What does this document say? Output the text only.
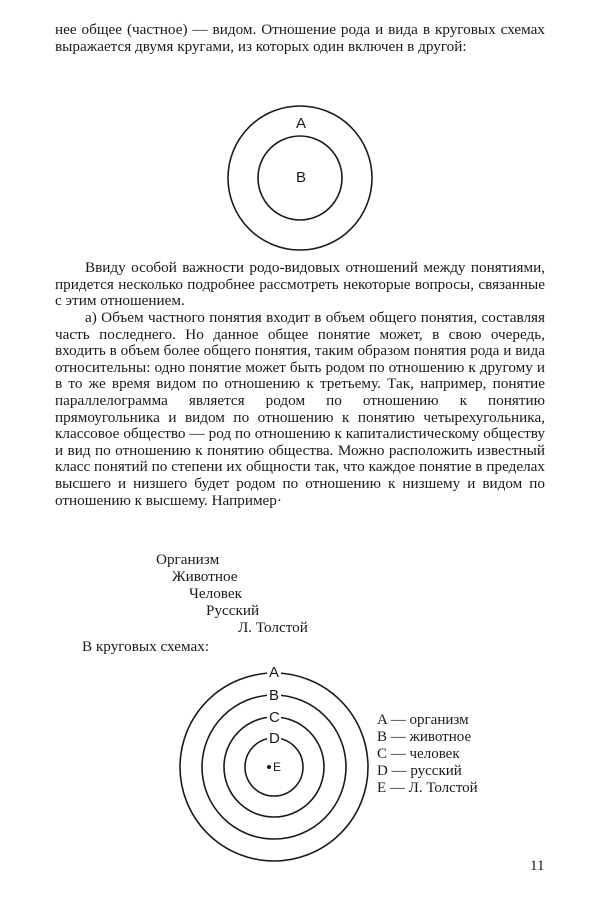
нее общее (частное) — видом. Отношение рода и вида в круговых схемах выражается двумя кругами, из которых один включен в другой:

A
B
A
B
C
D
E

Ввиду особой важности родо-видовых отношений между понятиями, придется несколько подробнее рассмотреть некоторые вопросы, связанные с этим отношением.

а) Объем частного понятия входит в объем общего понятия, составляя часть последнего. Но данное общее понятие может, в свою очередь, входить в объем более общего понятия, таким образом понятия рода и вида относительны: одно понятие может быть родом по отношению к другому и в то же время видом по отношению к третьему. Так, например, понятие параллелограмма является родом по отношению к понятию прямоугольника и видом по отношению к понятию четырехугольника, классовое общество — род по отношению к капиталистическому обществу и вид по отношению к понятию общества. Можно расположить известный класс понятий по степени их общности так, что каждое понятие в пределах высшего и низшего будет родом по отношению к низшему и видом по отношению к высшему. Например·

Организм

Животное

Человек

Русский

Л. Толстой

В круговых схемах:

A — организм
B — животное
C — человек
D — русский
E — Л. Толстой

11
